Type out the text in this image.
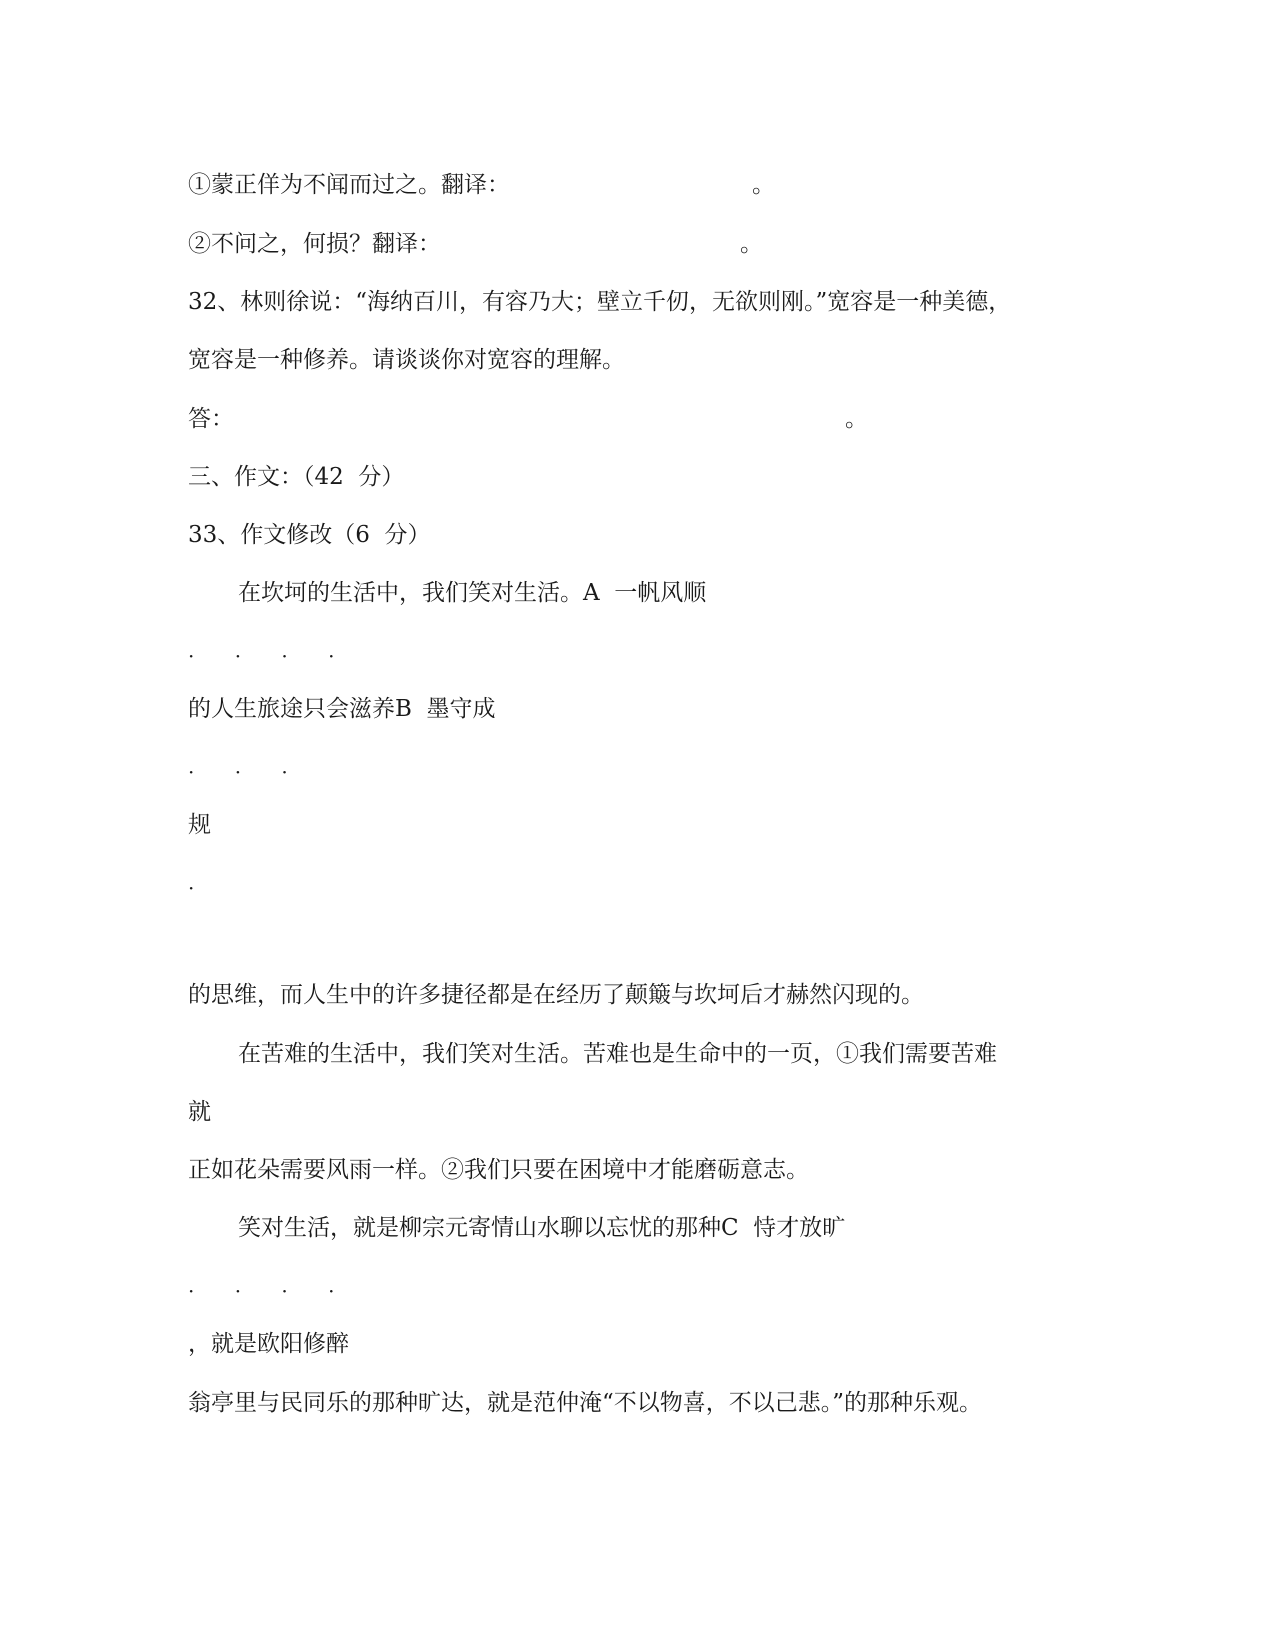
①蒙正佯为不闻而过之。翻译：	。
②不问之，何损？翻译：	。
32、林则徐说：“海纳百川，有容乃大；壁立千仞，无欲则刚。”宽容是一种美德，
宽容是一种修养。请谈谈你对宽容的理解。
答：	。
三、作文：（42  分）
33、作文修改（6  分）
在坎坷的生活中，我们笑对生活。A  一帆风顺
· · · ·
的人生旅途只会滋养B  墨守成
· · ·
规
·
的思维，而人生中的许多捷径都是在经历了颠簸与坎坷后才赫然闪现的。
在苦难的生活中，我们笑对生活。苦难也是生命中的一页，①我们需要苦难
就
正如花朵需要风雨一样。②我们只要在困境中才能磨砺意志。
笑对生活，就是柳宗元寄情山水聊以忘忧的那种C  恃才放旷
· · · ·
，就是欧阳修醉
翁亭里与民同乐的那种旷达，就是范仲淹“不以物喜，不以己悲。”的那种乐观。
